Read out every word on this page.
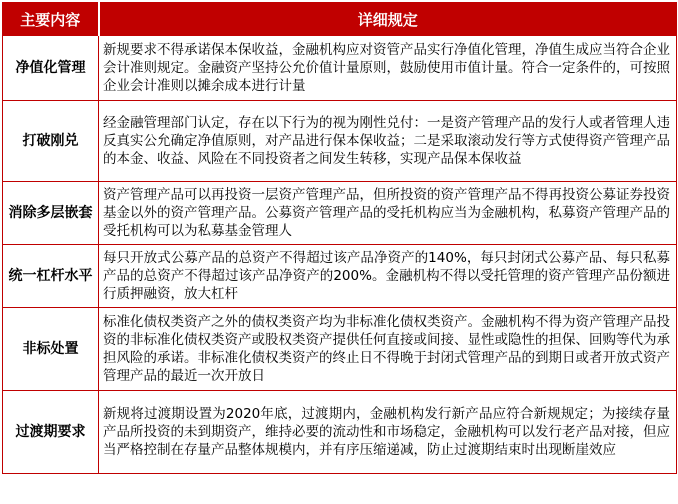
主要内容	详细规定
净值化管理	新规要求不得承诺保本保收益，金融机构应对资管产品实行净值化管理，净值生成应当符合企业会计准则规定。金融资产坚持公允价值计量原则，鼓励使用市值计量。符合一定条件的，可按照企业会计准则以摊余成本进行计量
打破刚兑	经金融管理部门认定，存在以下行为的视为刚性兑付：一是资产管理产品的发行人或者管理人违反真实公允确定净值原则，对产品进行保本保收益；二是采取滚动发行等方式使得资产管理产品的本金、收益、风险在不同投资者之间发生转移，实现产品保本保收益
消除多层嵌套	资产管理产品可以再投资一层资产管理产品，但所投资的资产管理产品不得再投资公募证券投资基金以外的资产管理产品。公募资产管理产品的受托机构应当为金融机构，私募资产管理产品的受托机构可以为私募基金管理人
统一杠杆水平	每只开放式公募产品的总资产不得超过该产品净资产的140%，每只封闭式公募产品、每只私募产品的总资产不得超过该产品净资产的200%。金融机构不得以受托管理的资产管理产品份额进行质押融资，放大杠杆
非标处置	标准化债权类资产之外的债权类资产均为非标准化债权类资产。金融机构不得为资产管理产品投资的非标准化债权类资产或股权类资产提供任何直接或间接、显性或隐性的担保、回购等代为承担风险的承诺。非标准化债权类资产的终止日不得晚于封闭式管理产品的到期日或者开放式资产管理产品的最近一次开放日
过渡期要求	新规将过渡期设置为2020年底，过渡期内，金融机构发行新产品应符合新规规定；为接续存量产品所投资的未到期资产，维持必要的流动性和市场稳定，金融机构可以发行老产品对接，但应当严格控制在存量产品整体规模内，并有序压缩递减，防止过渡期结束时出现断崖效应
